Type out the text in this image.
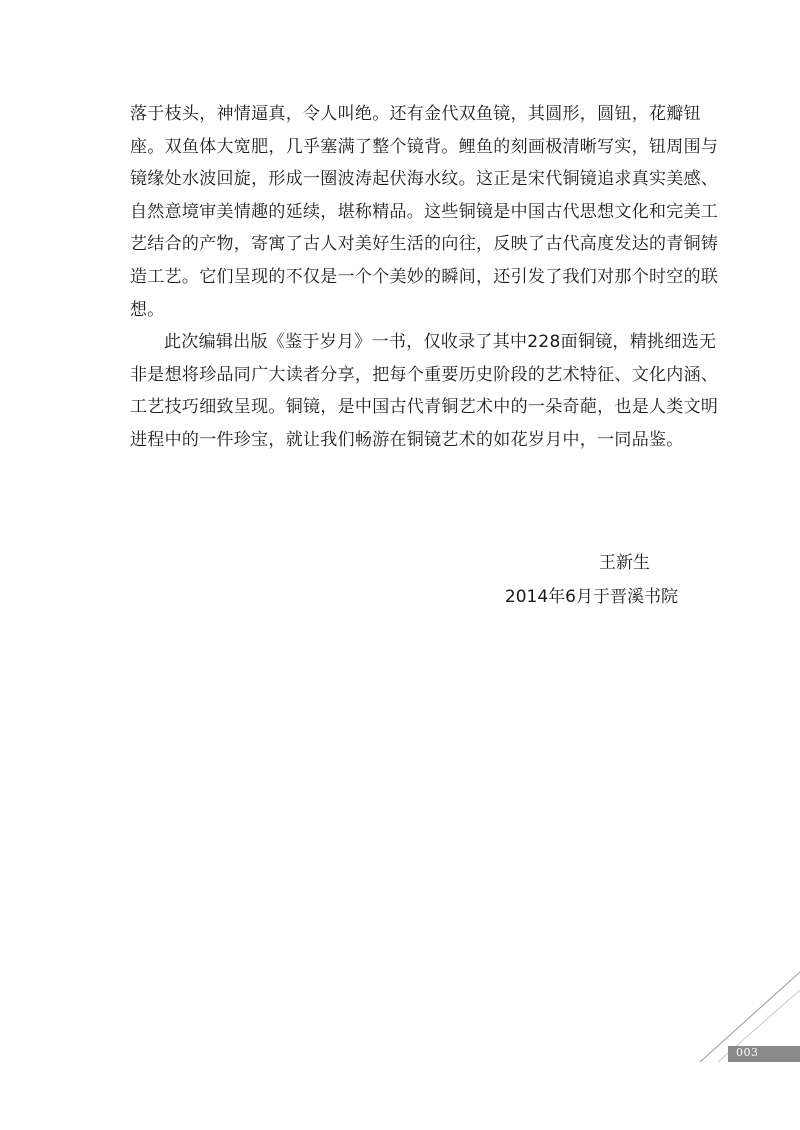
落于枝头，神情逼真，令人叫绝。还有金代双鱼镜，其圆形，圆钮，花瓣钮
座。双鱼体大宽肥，几乎塞满了整个镜背。鲤鱼的刻画极清晰写实，钮周围与
镜缘处水波回旋，形成一圈波涛起伏海水纹。这正是宋代铜镜追求真实美感、
自然意境审美情趣的延续，堪称精品。这些铜镜是中国古代思想文化和完美工
艺结合的产物，寄寓了古人对美好生活的向往，反映了古代高度发达的青铜铸
造工艺。它们呈现的不仅是一个个美妙的瞬间，还引发了我们对那个时空的联
想。
此次编辑出版《鉴于岁月》一书，仅收录了其中228面铜镜，精挑细选无
非是想将珍品同广大读者分享，把每个重要历史阶段的艺术特征、文化内涵、
工艺技巧细致呈现。铜镜，是中国古代青铜艺术中的一朵奇葩，也是人类文明
进程中的一件珍宝，就让我们畅游在铜镜艺术的如花岁月中，一同品鉴。
王新生
2014年6月于晋溪书院
003
